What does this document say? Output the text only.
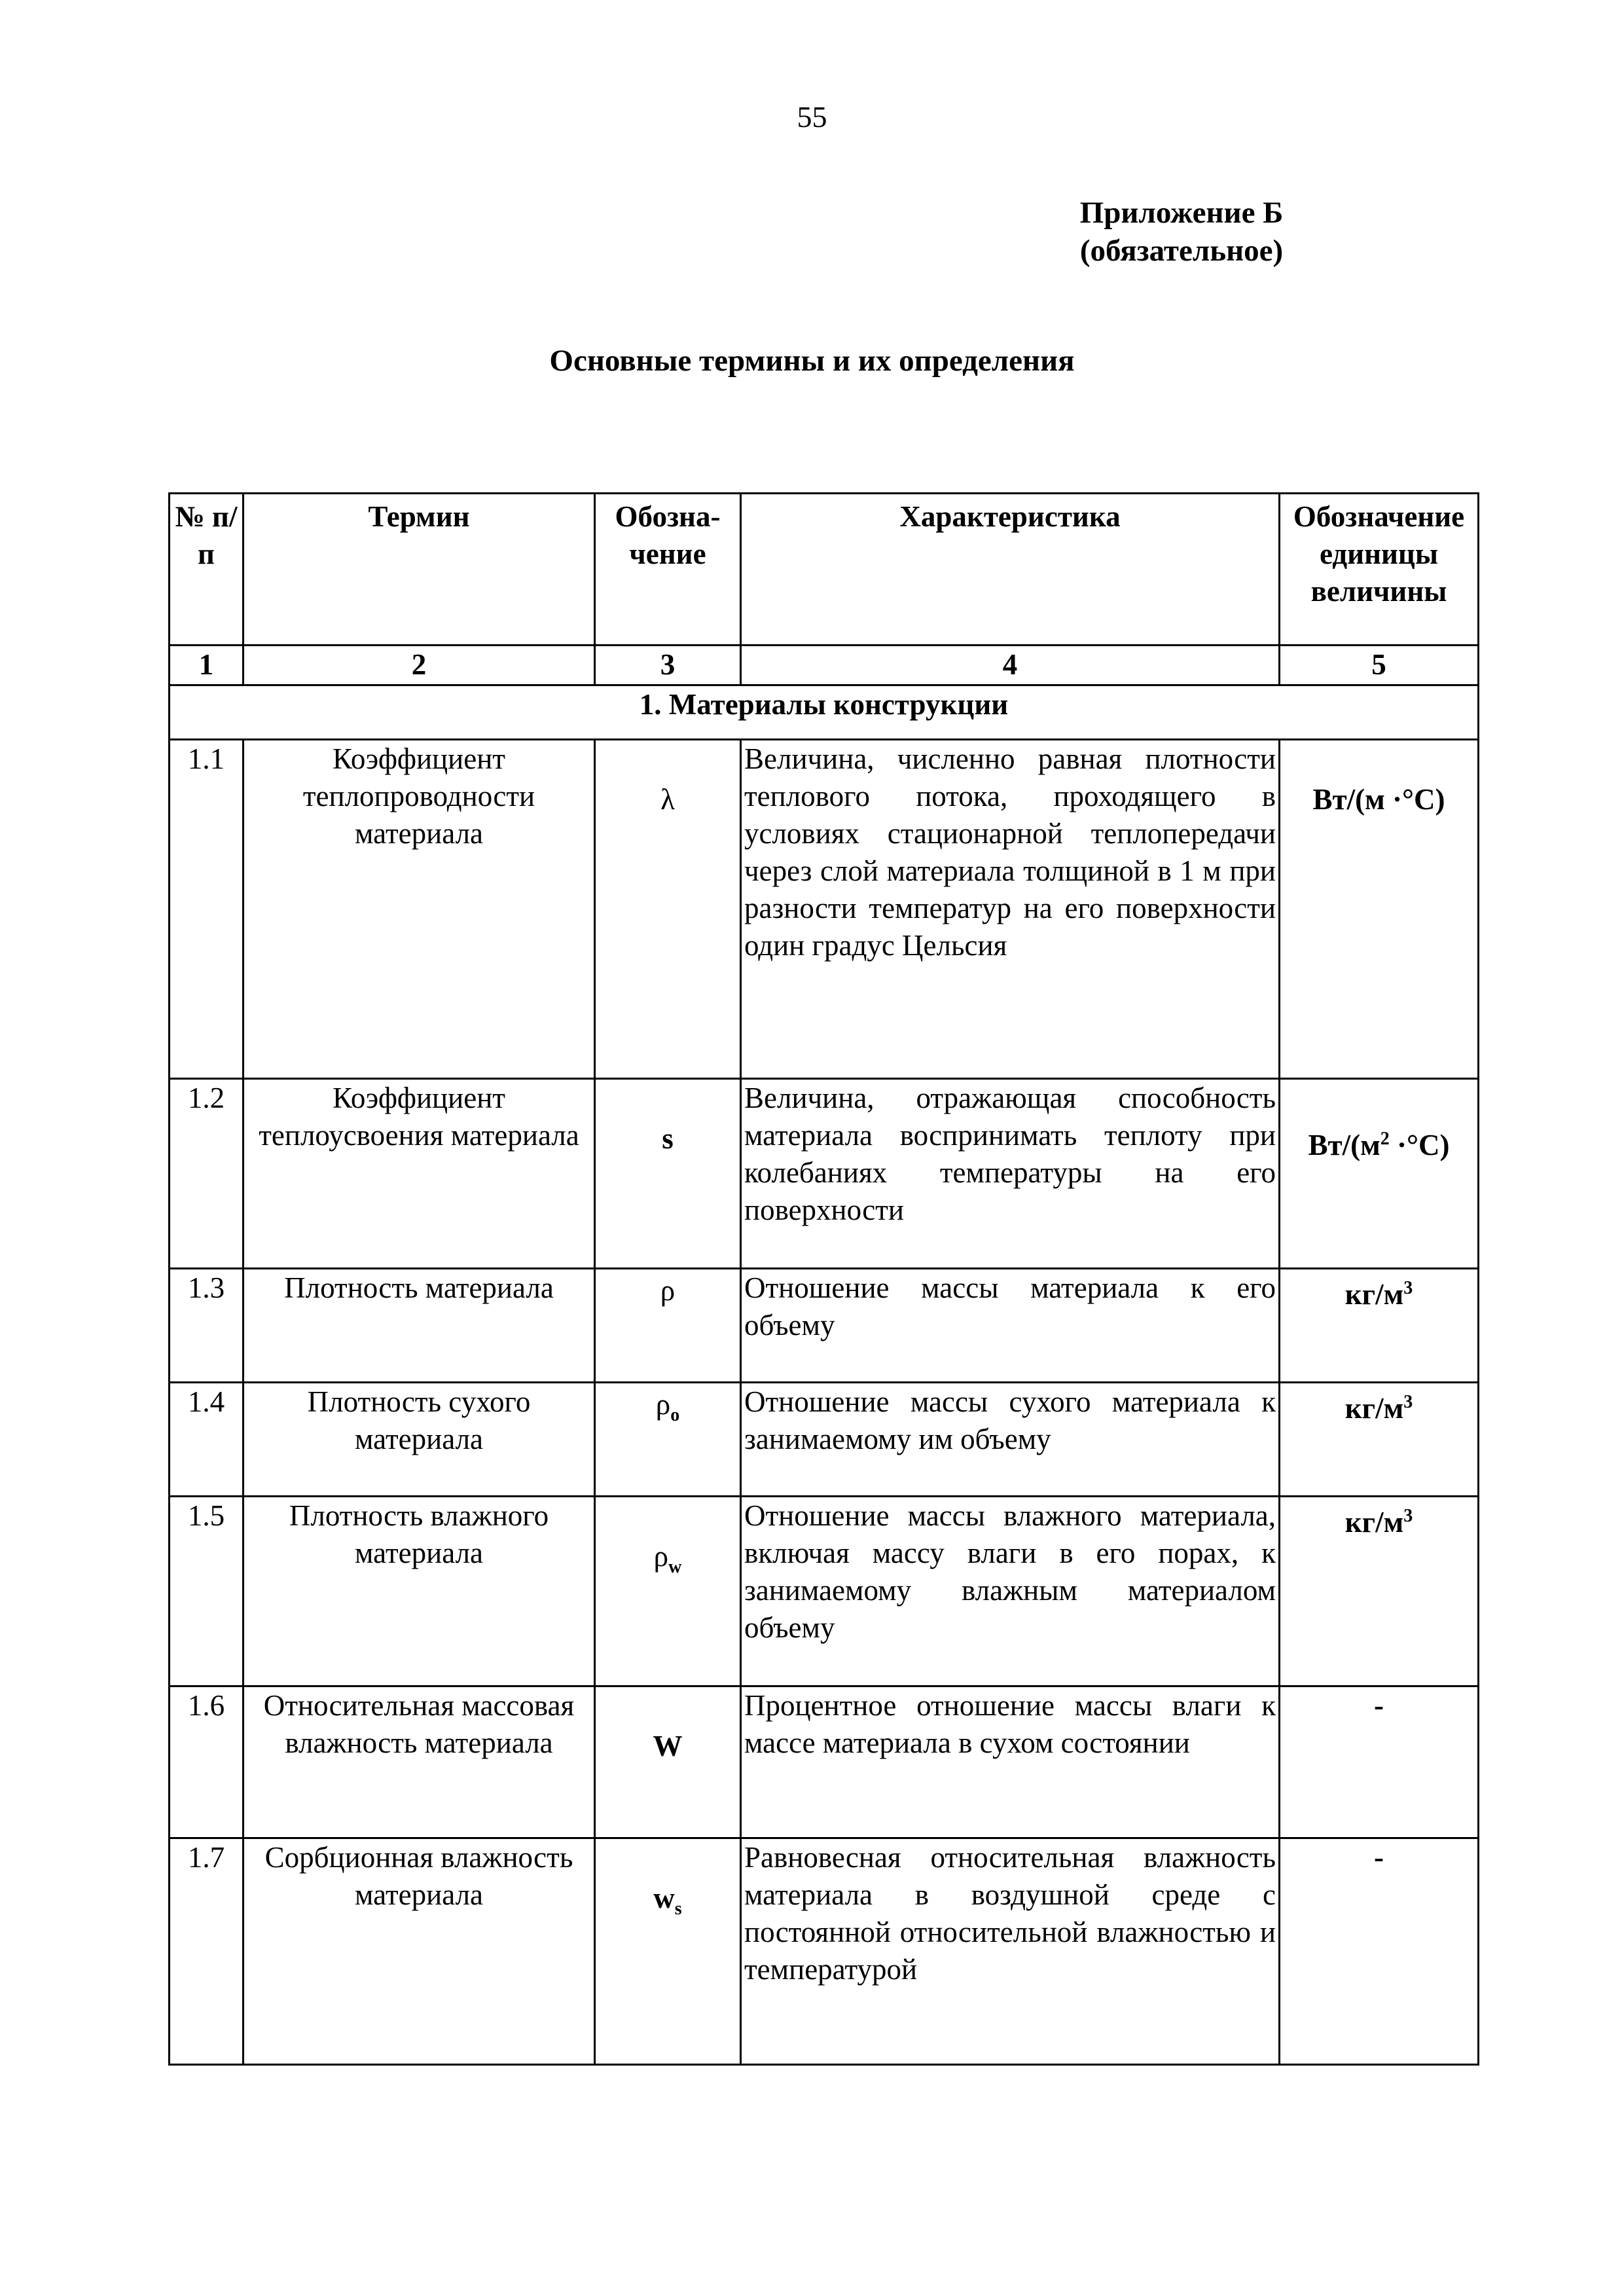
55
Приложение Б
(обязательное)
Основные термины и их определения
№ п/п	Термин	Обозна-чение	Характеристика	Обозначение единицы величины
1	2	3	4	5
1. Материалы конструкции				
1.1	Коэффициент теплопроводности материала	λ	Величина, численно равная плотности теплового потока, проходящего в условиях стационарной теплопередачи через слой материала толщиной в 1 м при разности температур на его поверхности один градус Цельсия	Вт/(м ·°С)
1.2	Коэффициент теплоусвоения материала	s	Величина, отражающая способность материала воспринимать теплоту при колебаниях температуры на его поверхности	$Вт/(м^2 \cdot^\circ С)$
1.3	Плотность материала	ρ	Отношение массы материала к его объему	$кг/м^3$
1.4	Плотность сухого материала	$\rho_о$	Отношение массы сухого материала к занимаемому им объему	$кг/м^3$
1.5	Плотность влажного материала	$\rho_w$	Отношение массы влажного материала, включая массу влаги в его порах, к занимаемому влажным материалом объему	$кг/м^3$
1.6	Относительная массовая влажность материала	W	Процентное отношение массы влаги к массе материала в сухом состоянии	-
1.7	Сорбционная влажность материала	$w_s$	Равновесная относительная влажность материала в воздушной среде с постоянной относительной влажностью и температурой	-
